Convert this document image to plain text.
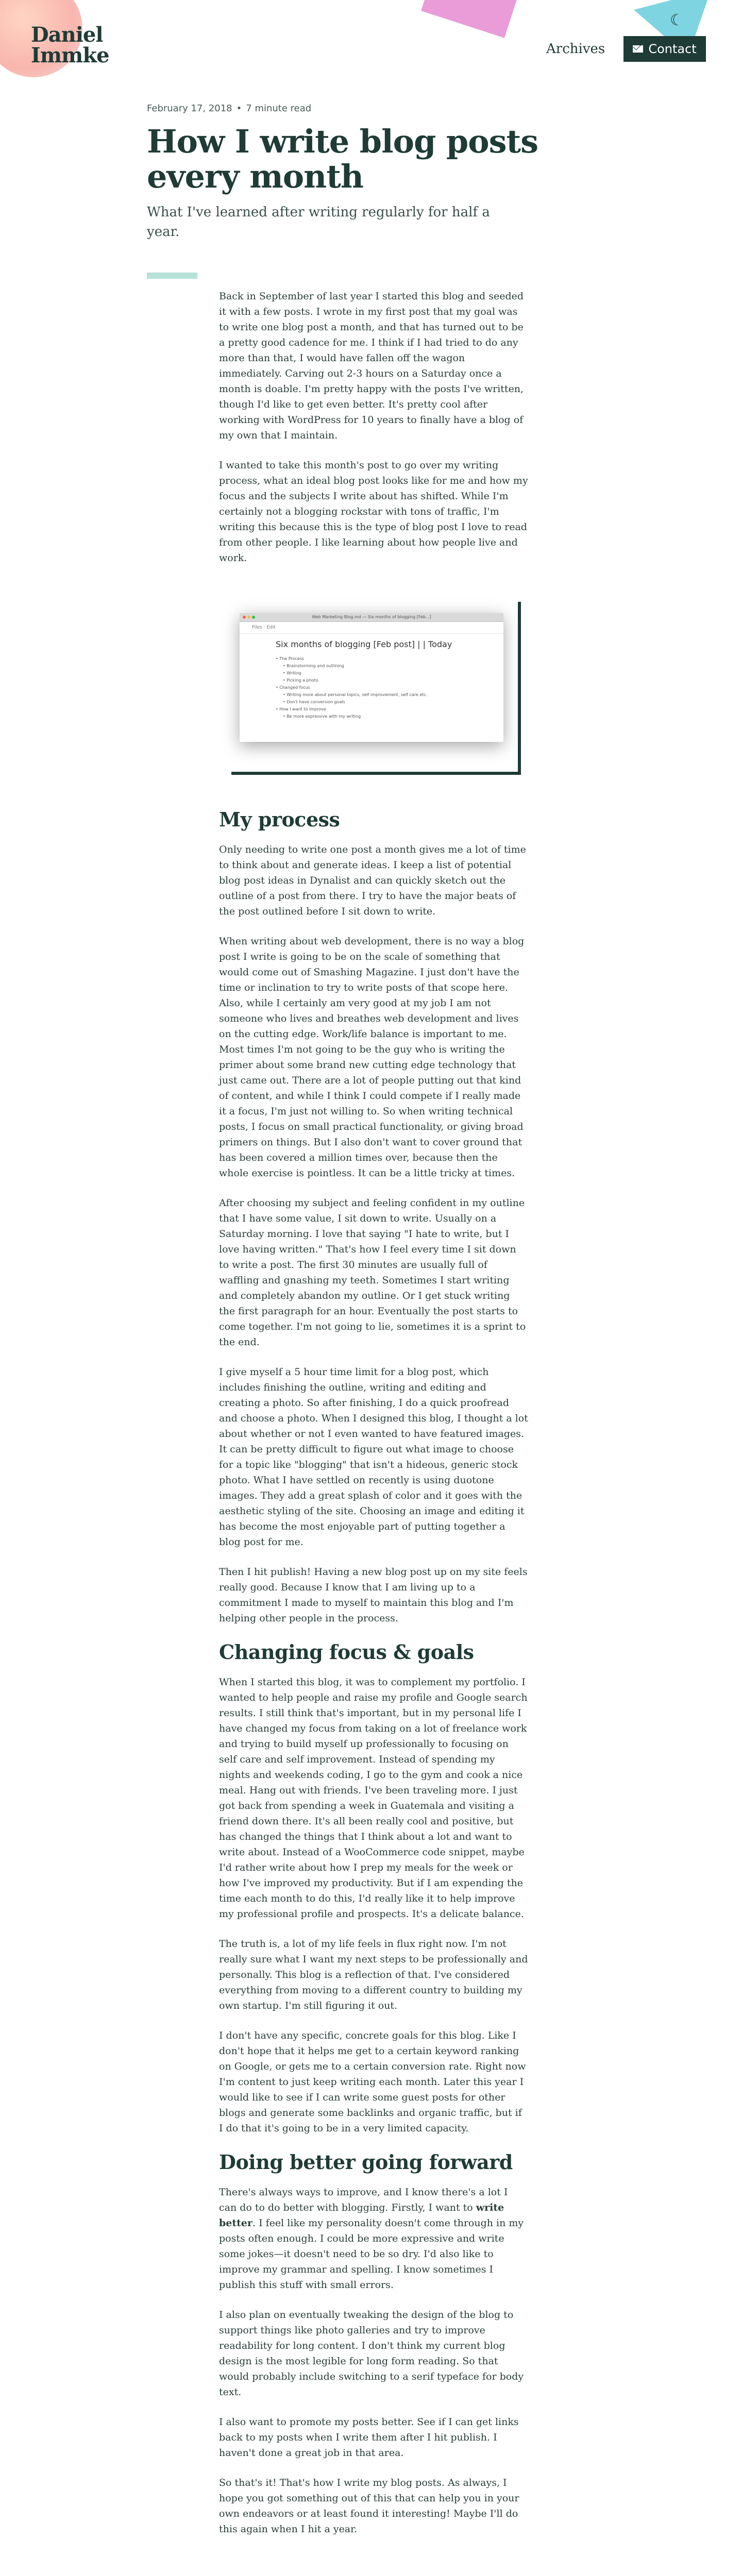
☾
Daniel
Immke	Archives	Contact
February 17, 2018 • 7 minute read
How I write blog posts every month
What I've learned after writing regularly for half a year.

Back in September of last year I started this blog and seeded it with a few posts. I wrote in my first post that my goal was to write one blog post a month, and that has turned out to be a pretty good cadence for me. I think if I had tried to do any more than that, I would have fallen off the wagon immediately. Carving out 2-3 hours on a Saturday once a month is doable. I'm pretty happy with the posts I've written, though I'd like to get even better. It's pretty cool after working with WordPress for 10 years to finally have a blog of my own that I maintain.

I wanted to take this month's post to go over my writing process, what an ideal blog post looks like for me and how my focus and the subjects I write about has shifted. While I'm certainly not a blogging rockstar with tons of traffic, I'm writing this because this is the type of blog post I love to read from other people. I like learning about how people live and work.

Web Marketing Blog.md — Six months of blogging [Feb...]
Files · Edit
Six months of blogging [Feb post] | | Today
• The Process
• Brainstorming and outlining
• Writing
• Picking a photo
• Changed focus
• Writing more about personal topics, self improvement, self care etc.
• Don't have conversion goals
• How I want to improve
• Be more expressive with my writing
My process

Only needing to write one post a month gives me a lot of time to think about and generate ideas. I keep a list of potential blog post ideas in Dynalist and can quickly sketch out the outline of a post from there. I try to have the major beats of the post outlined before I sit down to write.

When writing about web development, there is no way a blog post I write is going to be on the scale of something that would come out of Smashing Magazine. I just don't have the time or inclination to try to write posts of that scope here. Also, while I certainly am very good at my job I am not someone who lives and breathes web development and lives on the cutting edge. Work/life balance is important to me. Most times I'm not going to be the guy who is writing the primer about some brand new cutting edge technology that just came out. There are a lot of people putting out that kind of content, and while I think I could compete if I really made it a focus, I'm just not willing to. So when writing technical posts, I focus on small practical functionality, or giving broad primers on things. But I also don't want to cover ground that has been covered a million times over, because then the whole exercise is pointless. It can be a little tricky at times.

After choosing my subject and feeling confident in my outline that I have some value, I sit down to write. Usually on a Saturday morning. I love that saying "I hate to write, but I love having written." That's how I feel every time I sit down to write a post. The first 30 minutes are usually full of waffling and gnashing my teeth. Sometimes I start writing and completely abandon my outline. Or I get stuck writing the first paragraph for an hour. Eventually the post starts to come together. I'm not going to lie, sometimes it is a sprint to the end.

I give myself a 5 hour time limit for a blog post, which includes finishing the outline, writing and editing and creating a photo. So after finishing, I do a quick proofread and choose a photo. When I designed this blog, I thought a lot about whether or not I even wanted to have featured images. It can be pretty difficult to figure out what image to choose for a topic like "blogging" that isn't a hideous, generic stock photo. What I have settled on recently is using duotone images. They add a great splash of color and it goes with the aesthetic styling of the site. Choosing an image and editing it has become the most enjoyable part of putting together a blog post for me.

Then I hit publish! Having a new blog post up on my site feels really good. Because I know that I am living up to a commitment I made to myself to maintain this blog and I'm helping other people in the process.

Changing focus & goals

When I started this blog, it was to complement my portfolio. I wanted to help people and raise my profile and Google search results. I still think that's important, but in my personal life I have changed my focus from taking on a lot of freelance work and trying to build myself up professionally to focusing on self care and self improvement. Instead of spending my nights and weekends coding, I go to the gym and cook a nice meal. Hang out with friends. I've been traveling more. I just got back from spending a week in Guatemala and visiting a friend down there. It's all been really cool and positive, but has changed the things that I think about a lot and want to write about. Instead of a WooCommerce code snippet, maybe I'd rather write about how I prep my meals for the week or how I've improved my productivity. But if I am expending the time each month to do this, I'd really like it to help improve my professional profile and prospects. It's a delicate balance.

The truth is, a lot of my life feels in flux right now. I'm not really sure what I want my next steps to be professionally and personally. This blog is a reflection of that. I've considered everything from moving to a different country to building my own startup. I'm still figuring it out.

I don't have any specific, concrete goals for this blog. Like I don't hope that it helps me get to a certain keyword ranking on Google, or gets me to a certain conversion rate. Right now I'm content to just keep writing each month. Later this year I would like to see if I can write some guest posts for other blogs and generate some backlinks and organic traffic, but if I do that it's going to be in a very limited capacity.

Doing better going forward

There's always ways to improve, and I know there's a lot I can do to do better with blogging. Firstly, I want to write better. I feel like my personality doesn't come through in my posts often enough. I could be more expressive and write some jokes—it doesn't need to be so dry. I'd also like to improve my grammar and spelling. I know sometimes I publish this stuff with small errors.

I also plan on eventually tweaking the design of the blog to support things like photo galleries and try to improve readability for long content. I don't think my current blog design is the most legible for long form reading. So that would probably include switching to a serif typeface for body text.

I also want to promote my posts better. See if I can get links back to my posts when I write them after I hit publish. I haven't done a great job in that area.

So that's it! That's how I write my blog posts. As always, I hope you got something out of this that can help you in your own endeavors or at least found it interesting! Maybe I'll do this again when I hit a year.
